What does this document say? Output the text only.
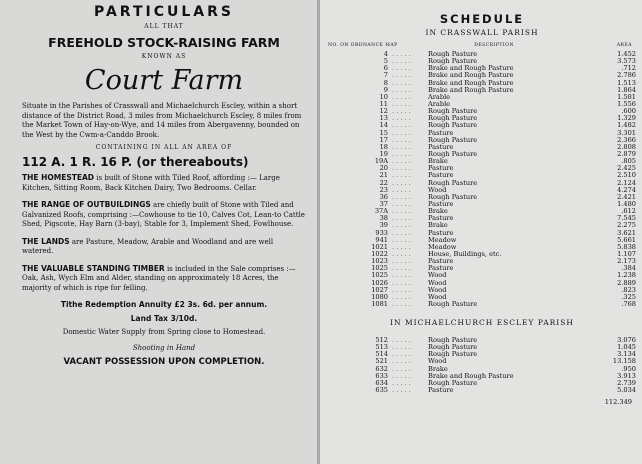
PARTICULARS

ALL THAT

FREEHOLD STOCK-RAISING FARM

KNOWN AS

Court Farm

Situate in the Parishes of Crasswall and Michaelchurch Escley, within a short distance of the District Road, 3 miles from Michaelchurch Escley, 8 miles from the Market Town of Hay-on-Wye, and 14 miles from Abergavenny, bounded on the West by the Cwm-a-Canddo Brook.

CONTAINING IN ALL AN AREA OF

112 A. 1 R. 16 P. (or thereabouts)

THE HOMESTEAD is built of Stone with Tiled Roof, affording :— Large Kitchen, Sitting Room, Back Kitchen Dairy, Two Bedrooms. Cellar.

THE RANGE OF OUTBUILDINGS are chiefly built of Stone with Tiled and Galvanized Roofs, comprising :—Cowhouse to tie 10, Calves Cot, Lean-to Cattle Shed, Pigscote, Hay Barn (3-bay), Stable for 3, Implement Shed, Fowlhouse.

THE LANDS are Pasture, Meadow, Arable and Woodland and are well watered.

THE VALUABLE STANDING TIMBER is included in the Sale comprises :—Oak, Ash, Wych Elm and Alder, standing on approximately 18 Acres, the majority of which is ripe for felling.

Tithe Redemption Annuity £2 3s. 6d. per annum.

Land Tax 3/10d.

Domestic Water Supply from Spring close to Homestead.

Shooting in Hand

VACANT POSSESSION UPON COMPLETION.

SCHEDULE

IN CRASSWALL PARISH

NO. ON ORDNANCE MAP	DESCRIPTION	AREA
4 . . . . .	Rough Pasture	1.452
5 . . . . .	Rough Pasture	3.573
6 . . . . .	Brake and Rough Pasture	.712
7 . . . . .	Brake and Rough Pasture	2.786
8 . . . . .	Brake and Rough Pasture	1.513
9 . . . . .	Brake and Rough Pasture	1.864
10 . . . . .	Arable	1.581
11 . . . . .	Arable	1.556
12 . . . . .	Rough Pasture	.600
13 . . . . .	Rough Pasture	1.329
14 . . . . .	Rough Pasture	1.482
15 . . . . .	Pasture	3.301
17 . . . . .	Rough Pasture	2.366
18 . . . . .	Pasture	2.808
19 . . . . .	Rough Pasture	2.879
19A . . . . .	Brake	.805
20 . . . . .	Pasture	2.425
21 . . . . .	Pasture	2.510
22 . . . . .	Rough Pasture	2.124
23 . . . . .	Wood	4.274
36 . . . . .	Rough Pasture	2.421
37 . . . . .	Pasture	1.480
37A . . . . .	Brake	.612
38 . . . . .	Pasture	7.545
39 . . . . .	Brake	2.275
933 . . . . .	Pasture	3.621
941 . . . . .	Meadow	5.661
1021 . . . . .	Meadow	5.838
1022 . . . . .	House, Buildings, etc.	1.107
1023 . . . . .	Pasture	2.173
1025 . . . . .	Pasture	.384
1025 . . . . .	Wood	1.238
1026 . . . . .	Wood	2.889
1027 . . . . .	Wood	.823
1080 . . . . .	Wood	.325
1081 . . . . .	Rough Pasture	.768

IN MICHAELCHURCH ESCLEY PARISH

512 . . . . .	Rough Pasture	3.076
513 . . . . .	Rough Pasture	1.045
514 . . . . .	Rough Pasture	3.134
521 . . . . .	Wood	13.158
632 . . . . .	Brake	.950
633 . . . . .	Brake and Rough Pasture	3.913
634 . . . . .	Rough Pasture	2.739
635 . . . . .	Pasture	5.034
112.349
